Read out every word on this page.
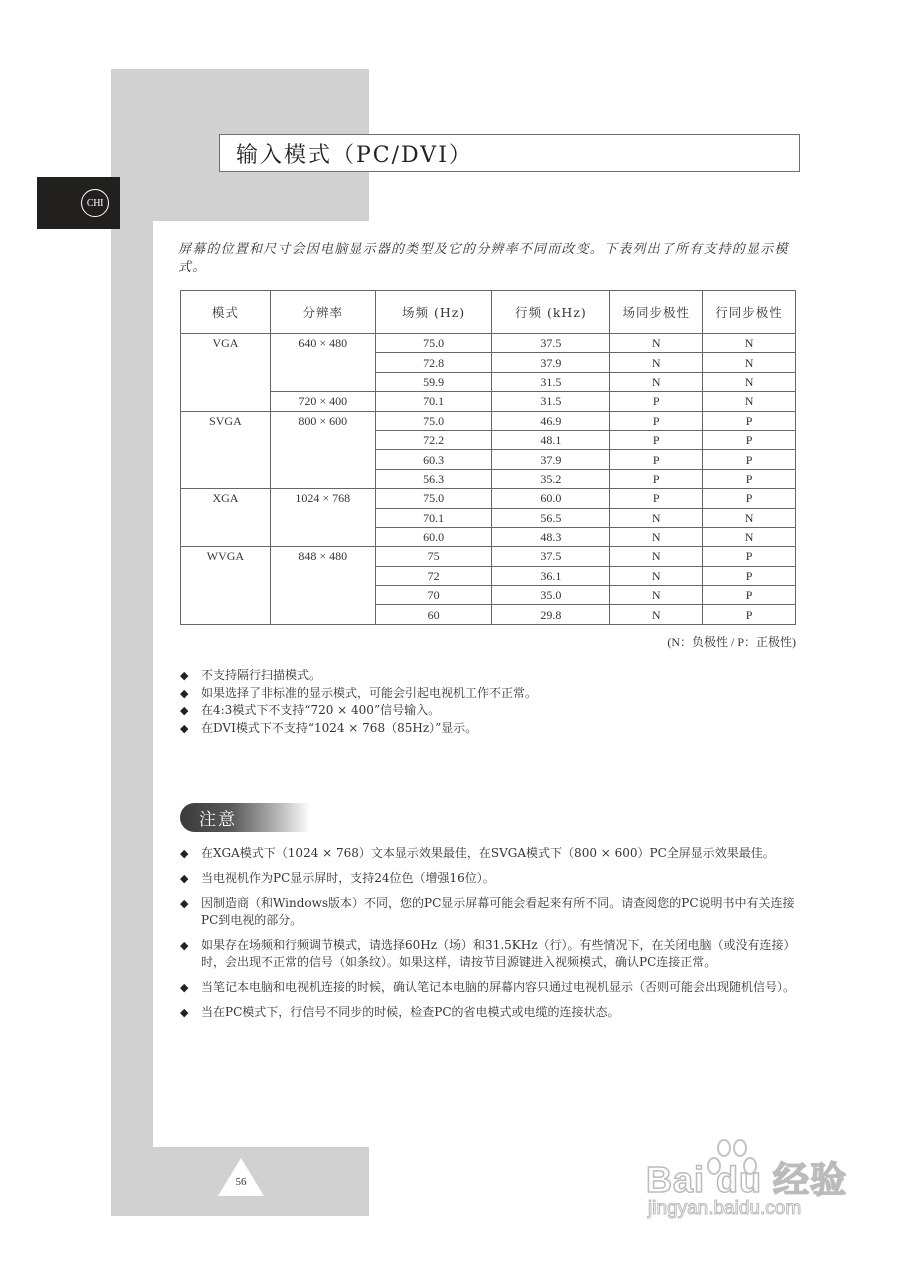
CHI
输入模式（PC/DVI）

屏幕的位置和尺寸会因电脑显示器的类型及它的分辨率不同而改变。下表列出了所有支持的显示模式。

模式	分辨率	场频 (Hz)	行频 (kHz)	场同步极性	行同步极性
VGA	640 × 480	75.0	37.5	N	N
		72.8	37.9	N	N
		59.9	31.5	N	N
	720 × 400	70.1	31.5	P	N
SVGA	800 × 600	75.0	46.9	P	P
		72.2	48.1	P	P
		60.3	37.9	P	P
		56.3	35.2	P	P
XGA	1024 × 768	75.0	60.0	P	P
		70.1	56.5	N	N
		60.0	48.3	N	N
WVGA	848 × 480	75	37.5	N	P
		72	36.1	N	P
		70	35.0	N	P
		60	29.8	N	P
(N：负极性 / P：正极性)
◆ 不支持隔行扫描模式。
◆ 如果选择了非标准的显示模式，可能会引起电视机工作不正常。
◆ 在4:3模式下不支持“720 × 400”信号输入。
◆ 在DVI模式下不支持“1024 × 768（85Hz）”显示。
注意
◆ 在XGA模式下（1024 × 768）文本显示效果最佳，在SVGA模式下（800 × 600）PC全屏显示效果最佳。
◆ 当电视机作为PC显示屏时，支持24位色（增强16位）。
◆ 因制造商（和Windows版本）不同，您的PC显示屏幕可能会看起来有所不同。请查阅您的PC说明书中有关连接PC到电视的部分。
◆ 如果存在场频和行频调节模式，请选择60Hz（场）和31.5KHz（行）。有些情况下，在关闭电脑（或没有连接）时，会出现不正常的信号（如条纹）。如果这样，请按节目源键进入视频模式，确认PC连接正常。
◆ 当笔记本电脑和电视机连接的时候，确认笔记本电脑的屏幕内容只通过电视机显示（否则可能会出现随机信号）。
◆ 当在PC模式下，行信号不同步的时候，检查PC的省电模式或电缆的连接状态。
56	Bai du 经验
jingyan.baidu.com
